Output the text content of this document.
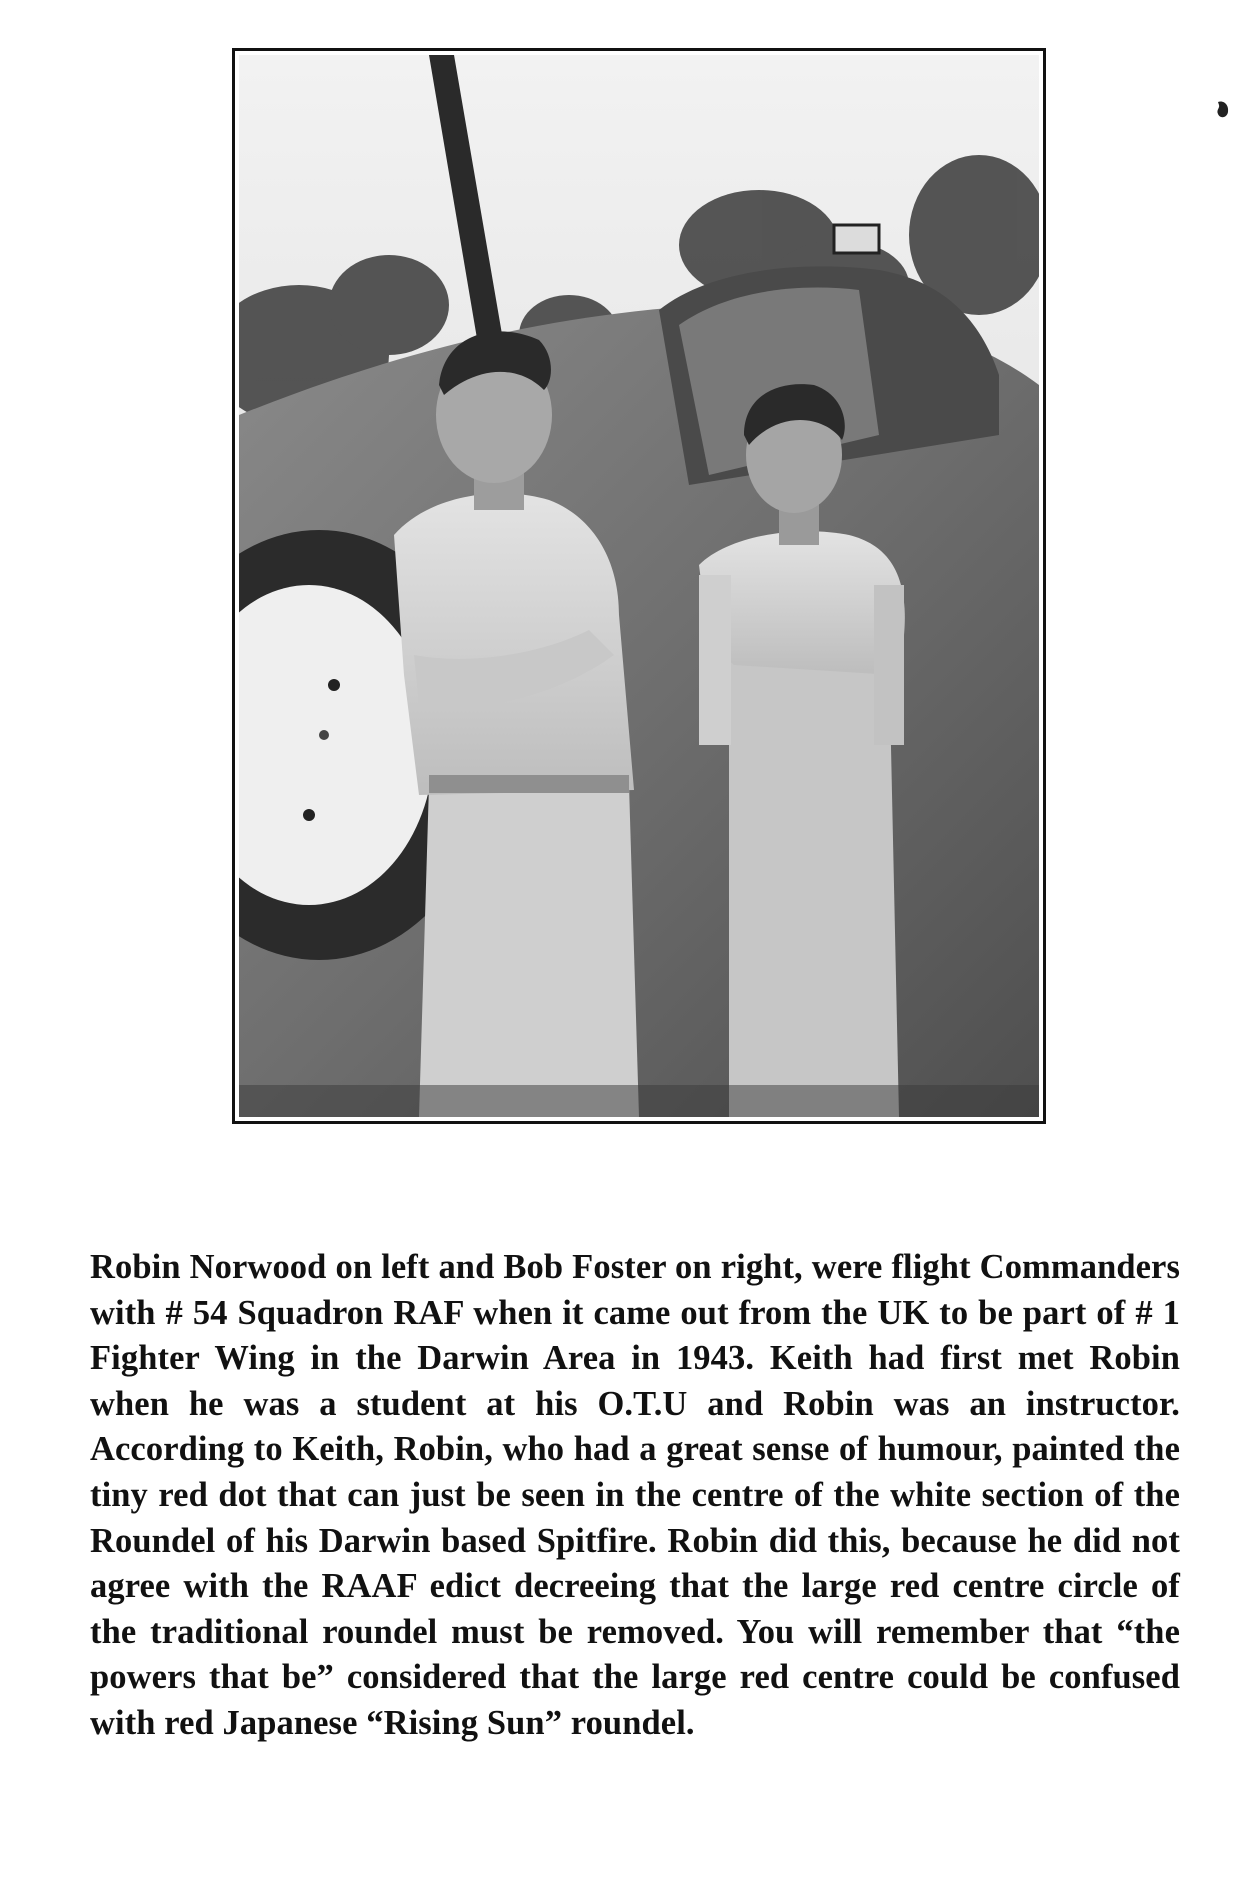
Robin Norwood on left and Bob Foster on right, were flight Commanders with # 54 Squadron RAF when it came out from the UK to be part of # 1 Fighter Wing in the Darwin Area in 1943. Keith had first met Robin when he was a student at his O.T.U and Robin was an instructor. According to Keith, Robin, who had a great sense of humour, painted the tiny red dot that can just be seen in the centre of the white section of the Roundel of his Darwin based Spitfire. Robin did this, because he did not agree with the RAAF edict decreeing that the large red centre circle of the traditional roundel must be removed. You will remember that “the powers that be” considered that the large red centre could be confused with red Japanese “Rising Sun” roundel.
